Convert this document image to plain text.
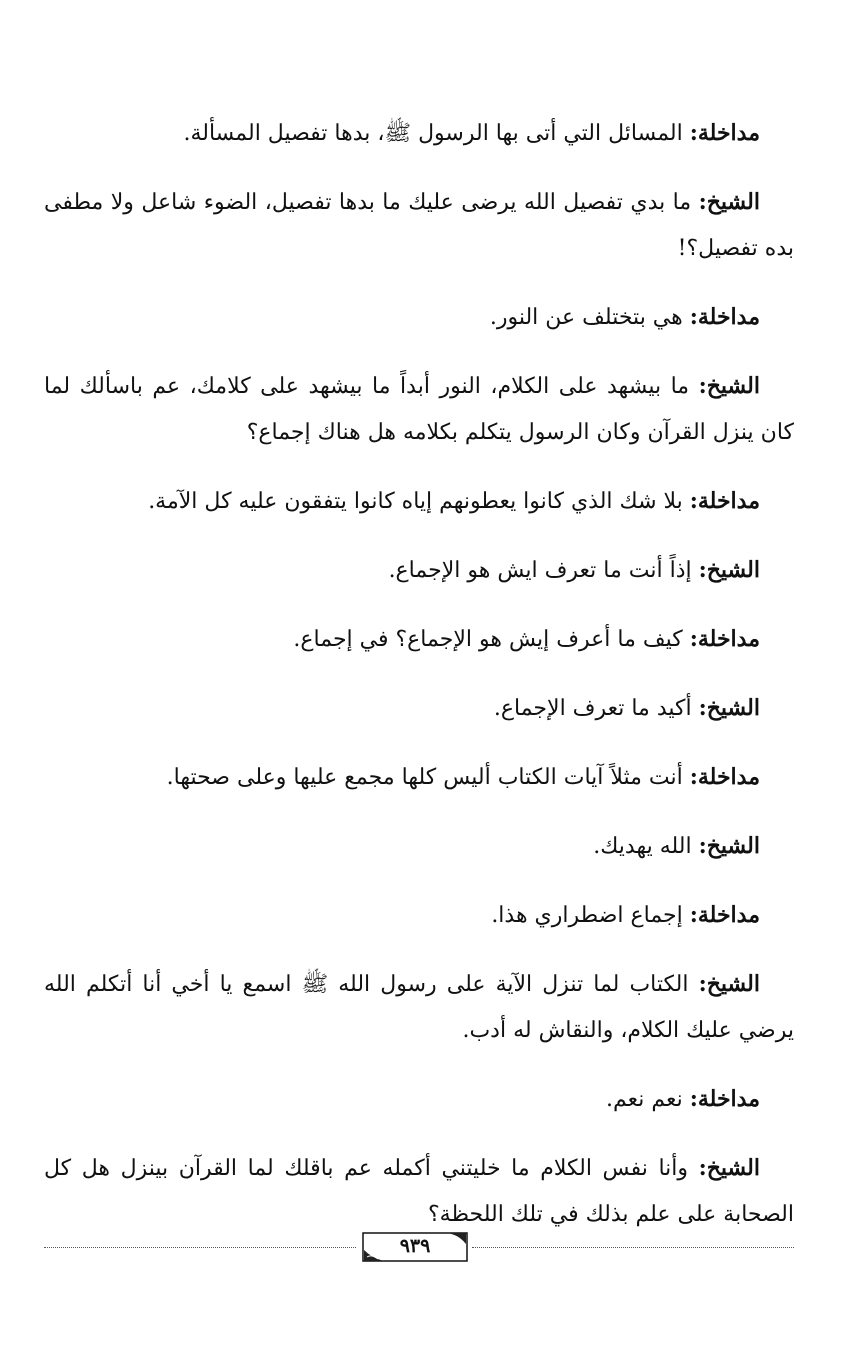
مداخلة: المسائل التي أتى بها الرسول ﷺ، بدها تفصيل المسألة.

الشيخ: ما بدي تفصيل الله يرضى عليك ما بدها تفصيل، الضوء شاعل ولا مطفى بده تفصيل؟!

مداخلة: هي بتختلف عن النور.

الشيخ: ما بيشهد على الكلام، النور أبداً ما بيشهد على كلامك، عم باسألك لما كان ينزل القرآن وكان الرسول يتكلم بكلامه هل هناك إجماع؟

مداخلة: بلا شك الذي كانوا يعطونهم إياه كانوا يتفقون عليه كل الآمة.

الشيخ: إذاً أنت ما تعرف ايش هو الإجماع.

مداخلة: كيف ما أعرف إيش هو الإجماع؟ في إجماع.

الشيخ: أكيد ما تعرف الإجماع.

مداخلة: أنت مثلاً آيات الكتاب أليس كلها مجمع عليها وعلى صحتها.

الشيخ: الله يهديك.

مداخلة: إجماع اضطراري هذا.

الشيخ: الكتاب لما تنزل الآية على رسول الله ﷺ اسمع يا أخي أنا أتكلم الله يرضي عليك الكلام، والنقاش له أدب.

مداخلة: نعم نعم.

الشيخ: وأنا نفس الكلام ما خليتني أكمله عم باقلك لما القرآن بينزل هل كل الصحابة على علم بذلك في تلك اللحظة؟

٩٣٩
